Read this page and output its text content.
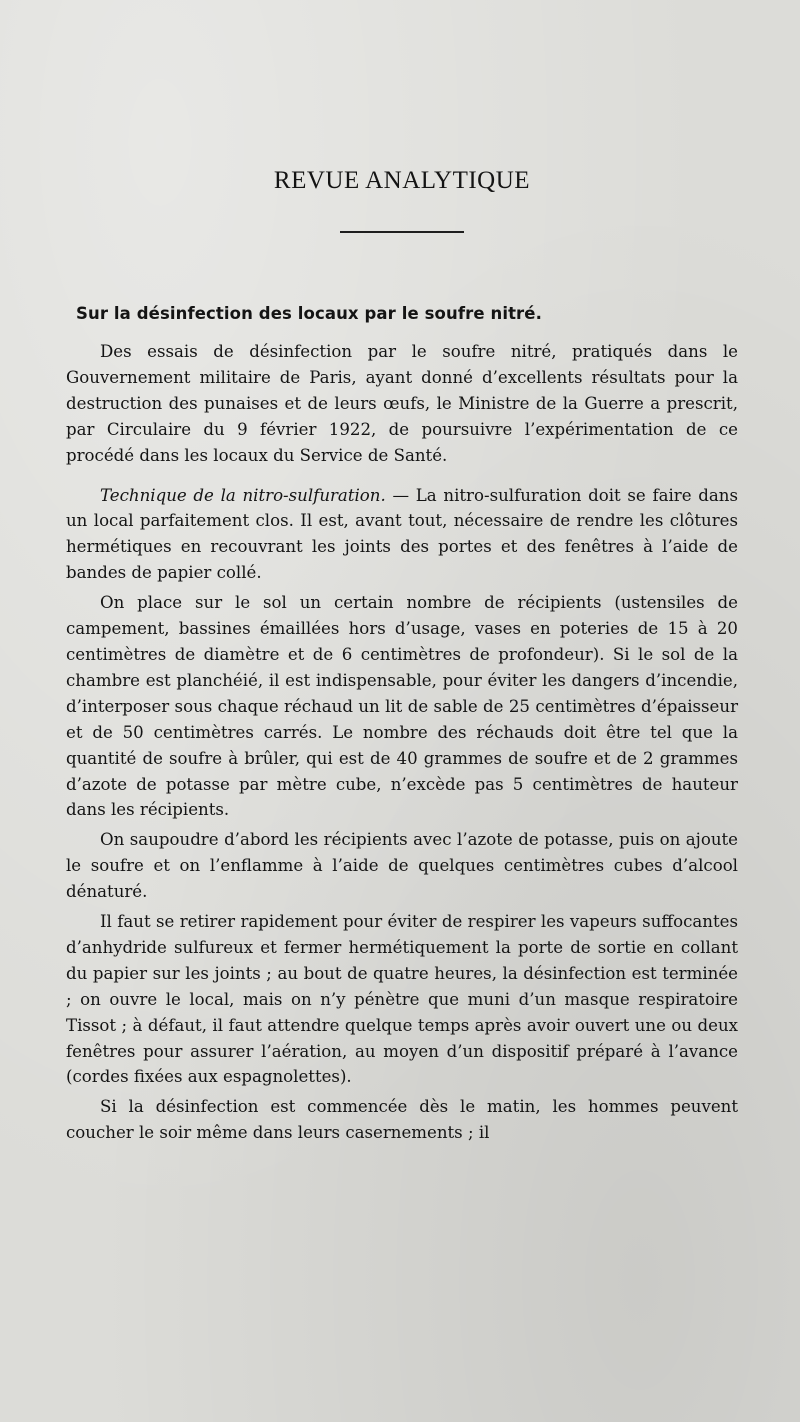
REVUE ANALYTIQUE
Sur la désinfection des locaux par le soufre nitré.

Des essais de désinfection par le soufre nitré, pratiqués dans le Gouvernement militaire de Paris, ayant donné d’excellents résultats pour la destruction des punaises et de leurs œufs, le Ministre de la Guerre a prescrit, par Circulaire du 9 février 1922, de poursuivre l’expérimentation de ce procédé dans les locaux du Service de Santé.

Technique de la nitro-sulfuration. — La nitro-sulfuration doit se faire dans un local parfaitement clos. Il est, avant tout, nécessaire de rendre les clôtures hermétiques en recouvrant les joints des portes et des fenêtres à l’aide de bandes de papier collé.

On place sur le sol un certain nombre de récipients (ustensiles de campement, bassines émaillées hors d’usage, vases en poteries de 15 à 20 centimètres de diamètre et de 6 centimètres de profondeur). Si le sol de la chambre est planchéié, il est indispensable, pour éviter les dangers d’incendie, d’interposer sous chaque réchaud un lit de sable de 25 centimètres d’épaisseur et de 50 centimètres carrés. Le nombre des réchauds doit être tel que la quantité de soufre à brûler, qui est de 40 grammes de soufre et de 2 grammes d’azote de potasse par mètre cube, n’excède pas 5 centimètres de hauteur dans les récipients.

On saupoudre d’abord les récipients avec l’azote de potasse, puis on ajoute le soufre et on l’enflamme à l’aide de quelques centimètres cubes d’alcool dénaturé.

Il faut se retirer rapidement pour éviter de respirer les vapeurs suffocantes d’anhydride sulfureux et fermer hermétiquement la porte de sortie en collant du papier sur les joints ; au bout de quatre heures, la désinfection est terminée ; on ouvre le local, mais on n’y pénètre que muni d’un masque respiratoire Tissot ; à défaut, il faut attendre quelque temps après avoir ouvert une ou deux fenêtres pour assurer l’aération, au moyen d’un dispositif préparé à l’avance (cordes fixées aux espagnolettes).

Si la désinfection est commencée dès le matin, les hommes peuvent coucher le soir même dans leurs casernements ; il
